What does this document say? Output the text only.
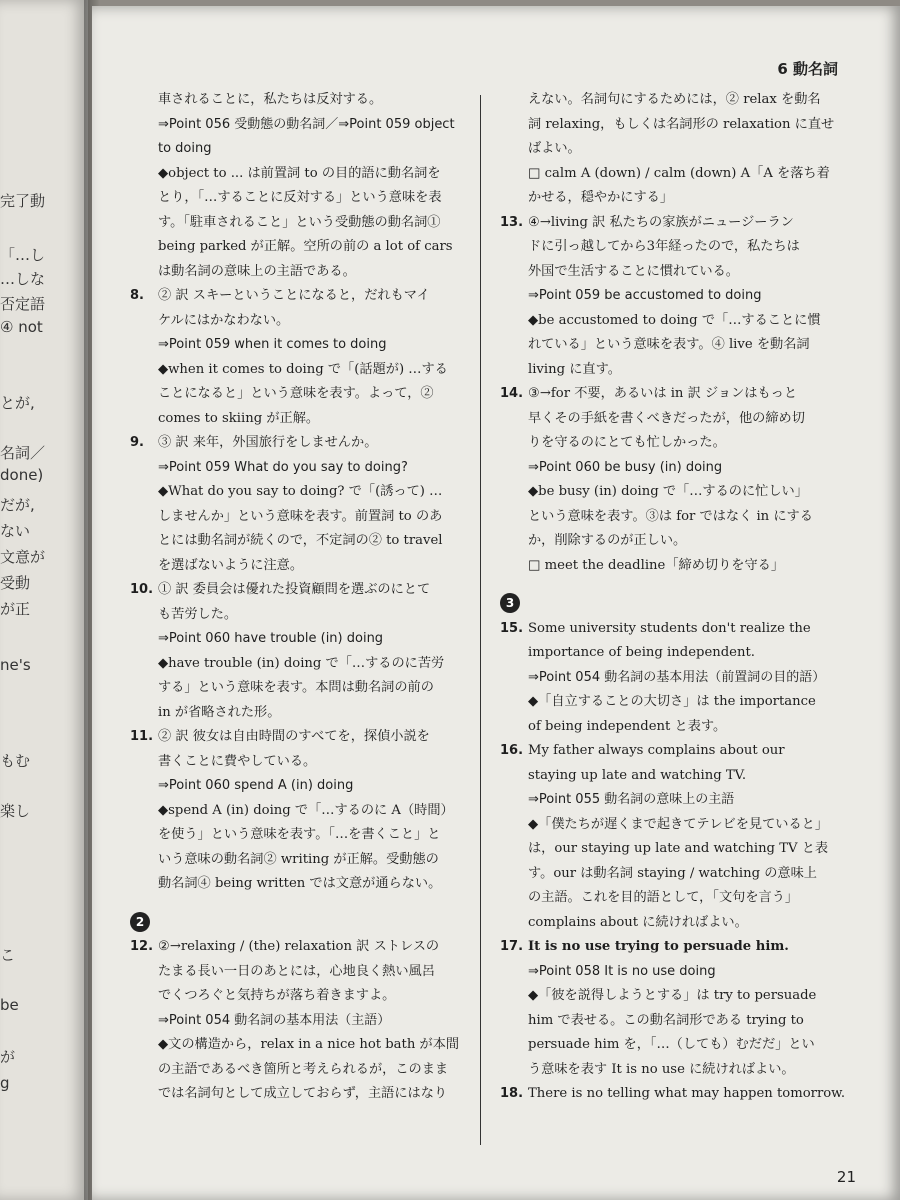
完了動
「…し
…しな
否定語
④ not
とが,
名詞／
done)
だが,
ない
文意が
受動
が正
ne's
もむ
楽し
こ
be
が
g
6 動名詞
車されることに，私たちは反対する。
⇒Point 056 受動態の動名詞／⇒Point 059 object
to doing
◆object to ... は前置詞 to の目的語に動名詞を
とり，「…することに反対する」という意味を表
す。「駐車されること」という受動態の動名詞①
being parked が正解。空所の前の a lot of cars
は動名詞の意味上の主語である。
8. ② 訳 スキーということになると，だれもマイ
ケルにはかなわない。
⇒Point 059 when it comes to doing
◆when it comes to doing で「(話題が) …する
ことになると」という意味を表す。よって，②
comes to skiing が正解。
9. ③ 訳 来年，外国旅行をしませんか。
⇒Point 059 What do you say to doing?
◆What do you say to doing? で「(誘って) …
しませんか」という意味を表す。前置詞 to のあ
とには動名詞が続くので，不定詞の② to travel
を選ばないように注意。
10. ① 訳 委員会は優れた投資顧問を選ぶのにとて
も苦労した。
⇒Point 060 have trouble (in) doing
◆have trouble (in) doing で「…するのに苦労
する」という意味を表す。本問は動名詞の前の
in が省略された形。
11. ② 訳 彼女は自由時間のすべてを，探偵小説を
書くことに費やしている。
⇒Point 060 spend A (in) doing
◆spend A (in) doing で「…するのに A（時間）
を使う」という意味を表す。「…を書くこと」と
いう意味の動名詞② writing が正解。受動態の
動名詞④ being written では文意が通らない。
2
12. ②→relaxing / (the) relaxation 訳 ストレスの
たまる長い一日のあとには，心地良く熱い風呂
でくつろぐと気持ちが落ち着きますよ。
⇒Point 054 動名詞の基本用法（主語）
◆文の構造から，relax in a nice hot bath が本間
の主語であるべき箇所と考えられるが，このまま
では名詞句として成立しておらず，主語にはなり
えない。名詞句にするためには，② relax を動名
詞 relaxing，もしくは名詞形の relaxation に直せ
ばよい。
□ calm A (down) / calm (down) A「A を落ち着
かせる，穏やかにする」
13. ④→living 訳 私たちの家族がニュージーラン
ドに引っ越してから3年経ったので，私たちは
外国で生活することに慣れている。
⇒Point 059 be accustomed to doing
◆be accustomed to doing で「…することに慣
れている」という意味を表す。④ live を動名詞
living に直す。
14. ③→for 不要，あるいは in 訳 ジョンはもっと
早くその手紙を書くべきだったが，他の締め切
りを守るのにとても忙しかった。
⇒Point 060 be busy (in) doing
◆be busy (in) doing で「…するのに忙しい」
という意味を表す。③は for ではなく in にする
か，削除するのが正しい。
□ meet the deadline「締め切りを守る」
3
15. Some university students don't realize the
importance of being independent.
⇒Point 054 動名詞の基本用法（前置詞の目的語）
◆「自立することの大切さ」は the importance
of being independent と表す。
16. My father always complains about our
staying up late and watching TV.
⇒Point 055 動名詞の意味上の主語
◆「僕たちが遅くまで起きてテレビを見ていると」
は，our staying up late and watching TV と表
す。our は動名詞 staying / watching の意味上
の主語。これを目的語として，「文句を言う」
complains about に続ければよい。
17. It is no use trying to persuade him.
⇒Point 058 It is no use doing
◆「彼を説得しようとする」は try to persuade
him で表せる。この動名詞形である trying to
persuade him を，「…（しても）むだだ」とい
う意味を表す It is no use に続ければよい。
18. There is no telling what may happen tomorrow.
21
